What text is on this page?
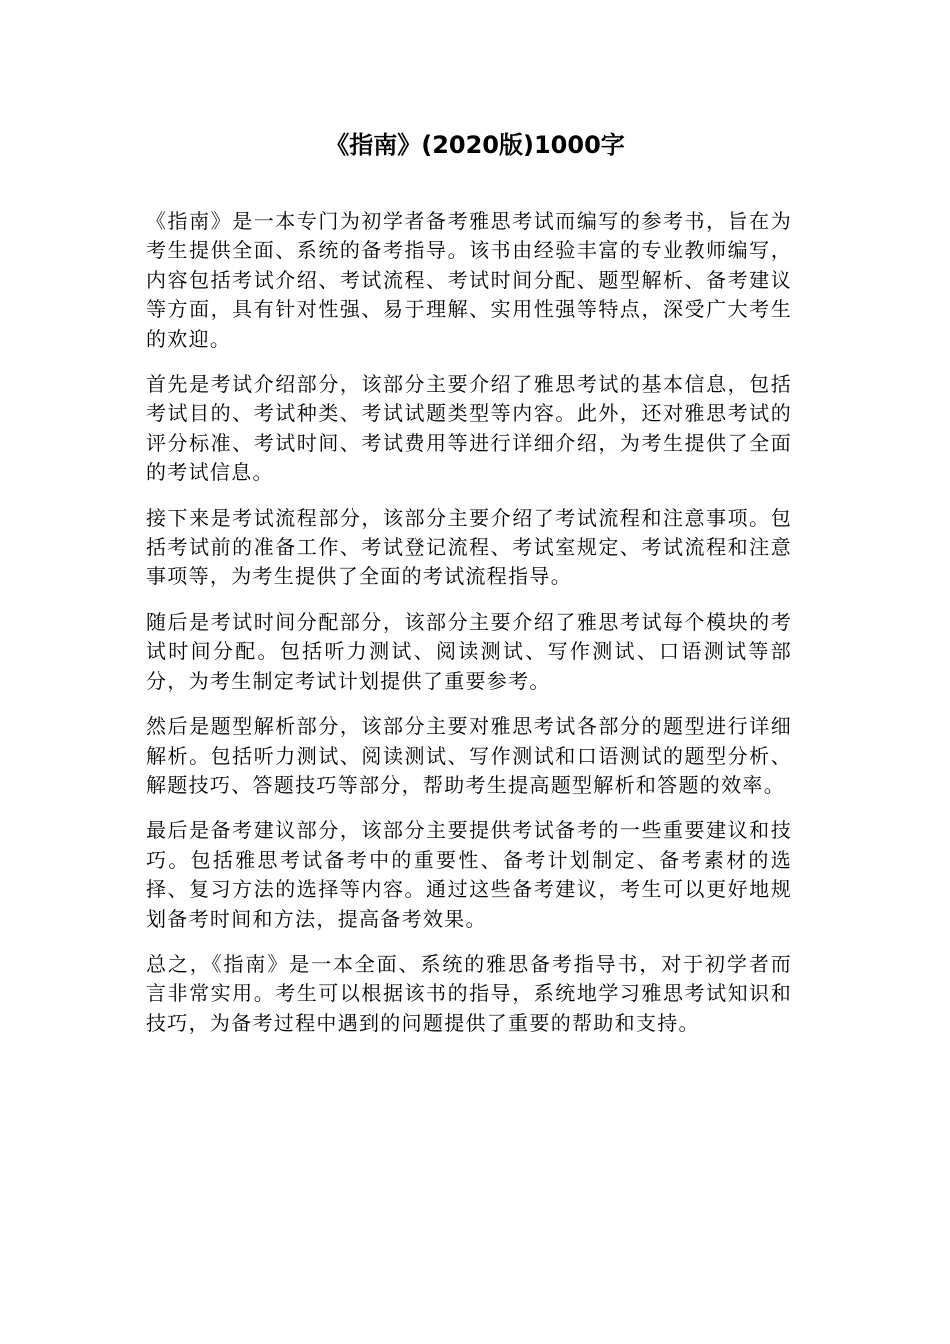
《指南》(2020版)1000字

《指南》是一本专门为初学者备考雅思考试而编写的参考书，旨在为考生提供全面、系统的备考指导。该书由经验丰富的专业教师编写，内容包括考试介绍、考试流程、考试时间分配、题型解析、备考建议等方面，具有针对性强、易于理解、实用性强等特点，深受广大考生的欢迎。

首先是考试介绍部分，该部分主要介绍了雅思考试的基本信息，包括考试目的、考试种类、考试试题类型等内容。此外，还对雅思考试的评分标准、考试时间、考试费用等进行详细介绍，为考生提供了全面的考试信息。

接下来是考试流程部分，该部分主要介绍了考试流程和注意事项。包括考试前的准备工作、考试登记流程、考试室规定、考试流程和注意事项等，为考生提供了全面的考试流程指导。

随后是考试时间分配部分，该部分主要介绍了雅思考试每个模块的考试时间分配。包括听力测试、阅读测试、写作测试、口语测试等部分，为考生制定考试计划提供了重要参考。

然后是题型解析部分，该部分主要对雅思考试各部分的题型进行详细解析。包括听力测试、阅读测试、写作测试和口语测试的题型分析、解题技巧、答题技巧等部分，帮助考生提高题型解析和答题的效率。

最后是备考建议部分，该部分主要提供考试备考的一些重要建议和技巧。包括雅思考试备考中的重要性、备考计划制定、备考素材的选择、复习方法的选择等内容。通过这些备考建议，考生可以更好地规划备考时间和方法，提高备考效果。

总之，《指南》是一本全面、系统的雅思备考指导书，对于初学者而言非常实用。考生可以根据该书的指导，系统地学习雅思考试知识和技巧，为备考过程中遇到的问题提供了重要的帮助和支持。
